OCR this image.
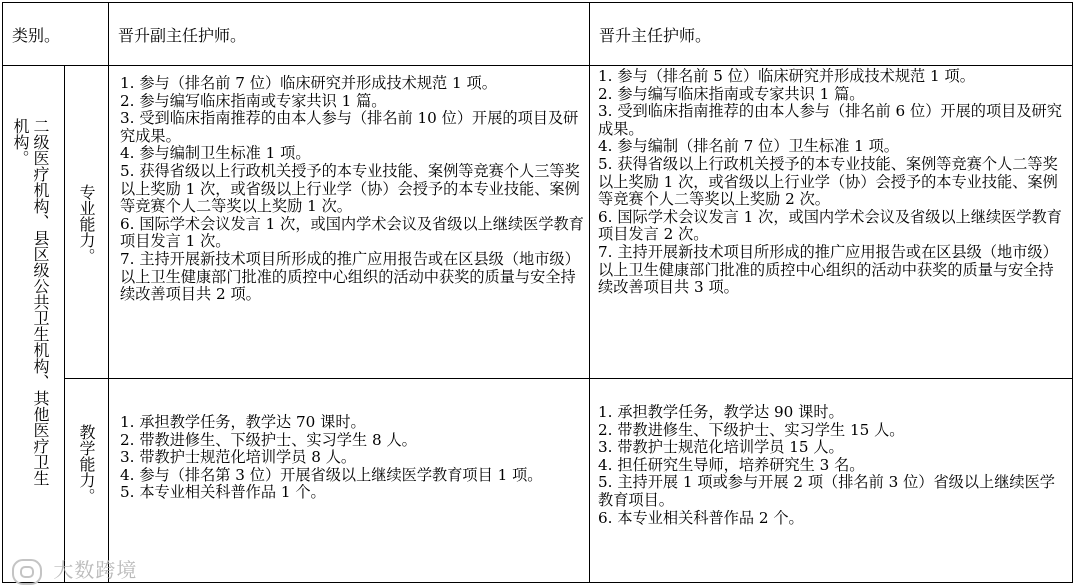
类别。	晋升副主任护师。	晋升主任护师。
二级医疗机构、县区级公共卫生机构、其他医疗卫生机构。
专业能力。
教学能力。
1. 参与（排名前 7 位）临床研究并形成技术规范 1 项。
2. 参与编写临床指南或专家共识 1 篇。
3. 受到临床指南推荐的由本人参与（排名前 10 位）开展的项目及研究成果。
4. 参与编制卫生标准 1 项。
5. 获得省级以上行政机关授予的本专业技能、案例等竞赛个人三等奖以上奖励 1 次，或省级以上行业学（协）会授予的本专业技能、案例等竞赛个人二等奖以上奖励 1 次。
6. 国际学术会议发言 1 次，或国内学术会议及省级以上继续医学教育项目发言 1 次。
7. 主持开展新技术项目所形成的推广应用报告或在区县级（地市级）以上卫生健康部门批准的质控中心组织的活动中获奖的质量与安全持续改善项目共 2 项。
1. 参与（排名前 5 位）临床研究并形成技术规范 1 项。
2. 参与编写临床指南或专家共识 1 篇。
3. 受到临床指南推荐的由本人参与（排名前 6 位）开展的项目及研究成果。
4. 参与编制（排名前 7 位）卫生标准 1 项。
5. 获得省级以上行政机关授予的本专业技能、案例等竞赛个人二等奖以上奖励 1 次，或省级以上行业学（协）会授予的本专业技能、案例等竞赛个人二等奖以上奖励 2 次。
6. 国际学术会议发言 1 次，或国内学术会议及省级以上继续医学教育项目发言 2 次。
7. 主持开展新技术项目所形成的推广应用报告或在区县级（地市级）以上卫生健康部门批准的质控中心组织的活动中获奖的质量与安全持续改善项目共 3 项。
1. 承担教学任务，教学达 70 课时。
2. 带教进修生、下级护士、实习学生 8 人。
3. 带教护士规范化培训学员 8 人。
4. 参与（排名第 3 位）开展省级以上继续医学教育项目 1 项。
5. 本专业相关科普作品 1 个。
1. 承担教学任务，教学达 90 课时。
2. 带教进修生、下级护士、实习学生 15 人。
3. 带教护士规范化培训学员 15 人。
4. 担任研究生导师，培养研究生 3 名。
5. 主持开展 1 项或参与开展 2 项（排名前 3 位）省级以上继续医学教育项目。
6. 本专业相关科普作品 2 个。
大数跨境
